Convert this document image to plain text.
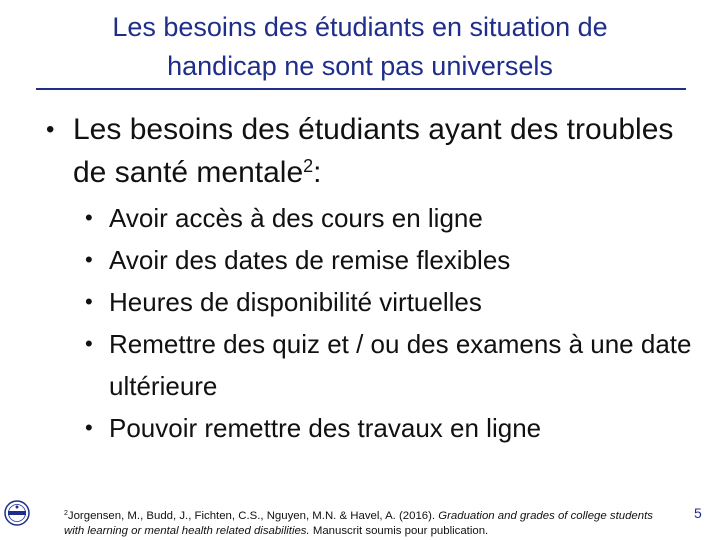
Les besoins des étudiants en situation de
handicap ne sont pas universels
• Les besoins des étudiants ayant des troubles de santé mentale$^2$:
• Avoir accès à des cours en ligne
• Avoir des dates de remise flexibles
• Heures de disponibilité virtuelles
• Remettre des quiz et / ou des examens à une date ultérieure
• Pouvoir remettre des travaux en ligne
$^2$Jorgensen, M., Budd, J., Fichten, C.S., Nguyen, M.N. & Havel, A. (2016). Graduation and grades of college students with learning or mental health related disabilities. Manuscrit soumis pour publication.
5
